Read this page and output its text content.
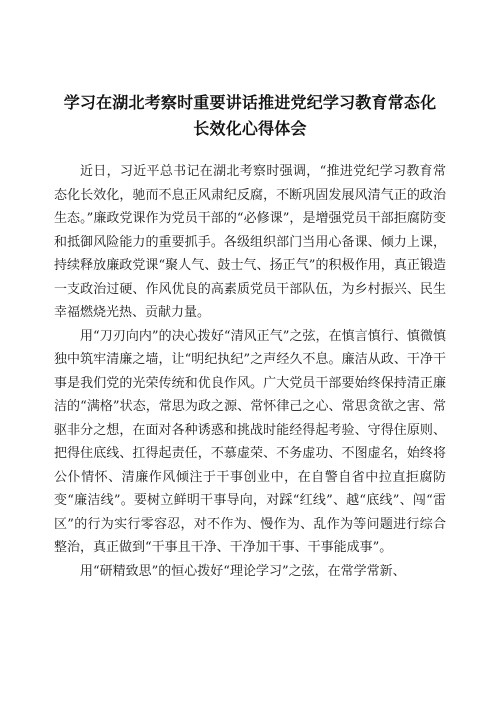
学习在湖北考察时重要讲话推进党纪学习教育常态化长效化心得体会

近日，习近平总书记在湖北考察时强调，“推进党纪学习教育常态化长效化，驰而不息正风肃纪反腐，不断巩固发展风清气正的政治生态。”廉政党课作为党员干部的“必修课”，是增强党员干部拒腐防变和抵御风险能力的重要抓手。各级组织部门当用心备课、倾力上课，持续释放廉政党课“聚人气、鼓士气、扬正气”的积极作用，真正锻造一支政治过硬、作风优良的高素质党员干部队伍，为乡村振兴、民生幸福燃烧光热、贡献力量。

用“刀刃向内”的决心拨好“清风正气”之弦，在慎言慎行、慎微慎独中筑牢清廉之墙，让“明纪执纪”之声经久不息。廉洁从政、干净干事是我们党的光荣传统和优良作风。广大党员干部要始终保持清正廉洁的“满格”状态，常思为政之源、常怀律己之心、常思贪欲之害、常驱非分之想，在面对各种诱惑和挑战时能经得起考验、守得住原则、把得住底线、扛得起责任，不慕虚荣、不务虚功、不图虚名，始终将公仆情怀、清廉作风倾注于干事创业中，在自警自省中拉直拒腐防变“廉洁线”。要树立鲜明干事导向，对踩“红线”、越“底线”、闯“雷区”的行为实行零容忍，对不作为、慢作为、乱作为等问题进行综合整治，真正做到“干事且干净、干净加干事、干事能成事”。

用“研精致思”的恒心拨好“理论学习”之弦，在常学常新、
